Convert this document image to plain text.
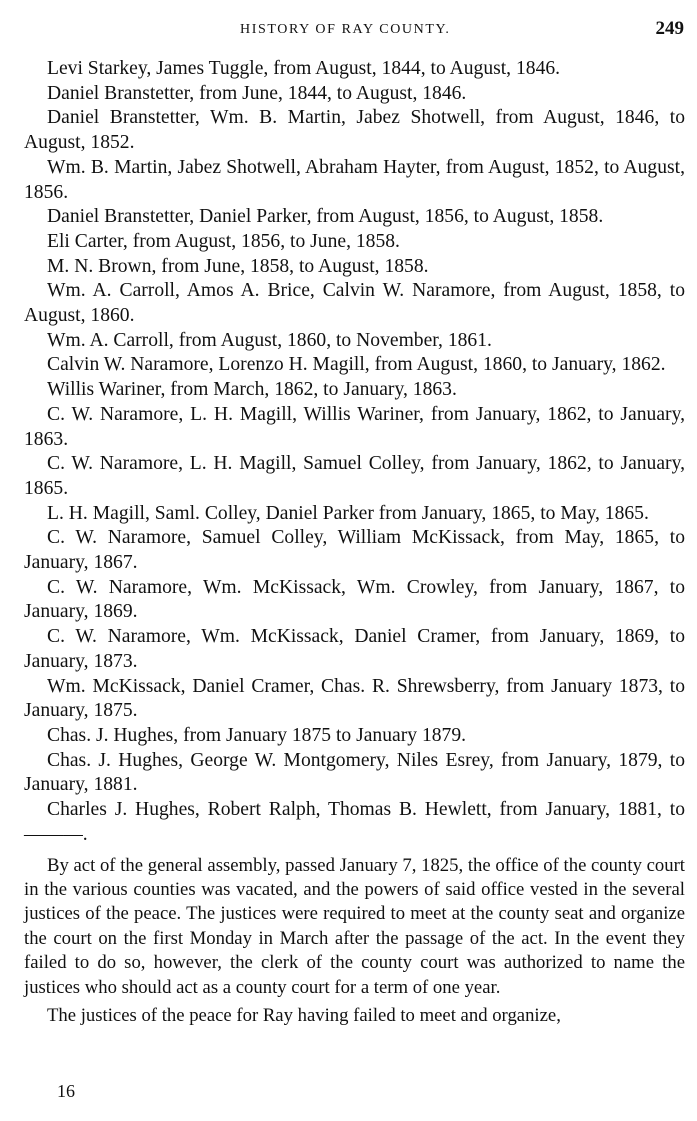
HISTORY OF RAY COUNTY.	249
Levi Starkey, James Tuggle, from August, 1844, to August, 1846.
Daniel Branstetter, from June, 1844, to August, 1846.
Daniel Branstetter, Wm. B. Martin, Jabez Shotwell, from August, 1846, to August, 1852.
Wm. B. Martin, Jabez Shotwell, Abraham Hayter, from August, 1852, to August, 1856.
Daniel Branstetter, Daniel Parker, from August, 1856, to August, 1858.
Eli Carter, from August, 1856, to June, 1858.
M. N. Brown, from June, 1858, to August, 1858.
Wm. A. Carroll, Amos A. Brice, Calvin W. Naramore, from August, 1858, to August, 1860.
Wm. A. Carroll, from August, 1860, to November, 1861.
Calvin W. Naramore, Lorenzo H. Magill, from August, 1860, to January, 1862.
Willis Wariner, from March, 1862, to January, 1863.
C. W. Naramore, L. H. Magill, Willis Wariner, from January, 1862, to January, 1863.
C. W. Naramore, L. H. Magill, Samuel Colley, from January, 1862, to January, 1865.
L. H. Magill, Saml. Colley, Daniel Parker from January, 1865, to May, 1865.
C. W. Naramore, Samuel Colley, William McKissack, from May, 1865, to January, 1867.
C. W. Naramore, Wm. McKissack, Wm. Crowley, from January, 1867, to January, 1869.
C. W. Naramore, Wm. McKissack, Daniel Cramer, from January, 1869, to January, 1873.
Wm. McKissack, Daniel Cramer, Chas. R. Shrewsberry, from January 1873, to January, 1875.
Chas. J. Hughes, from January 1875 to January 1879.
Chas. J. Hughes, George W. Montgomery, Niles Esrey, from January, 1879, to January, 1881.
Charles J. Hughes, Robert Ralph, Thomas B. Hewlett, from January, 1881, to ———.

By act of the general assembly, passed January 7, 1825, the office of the county court in the various counties was vacated, and the powers of said office vested in the several justices of the peace. The justices were required to meet at the county seat and organize the court on the first Monday in March after the passage of the act. In the event they failed to do so, however, the clerk of the county court was authorized to name the justices who should act as a county court for a term of one year.

The justices of the peace for Ray having failed to meet and organize,

16
